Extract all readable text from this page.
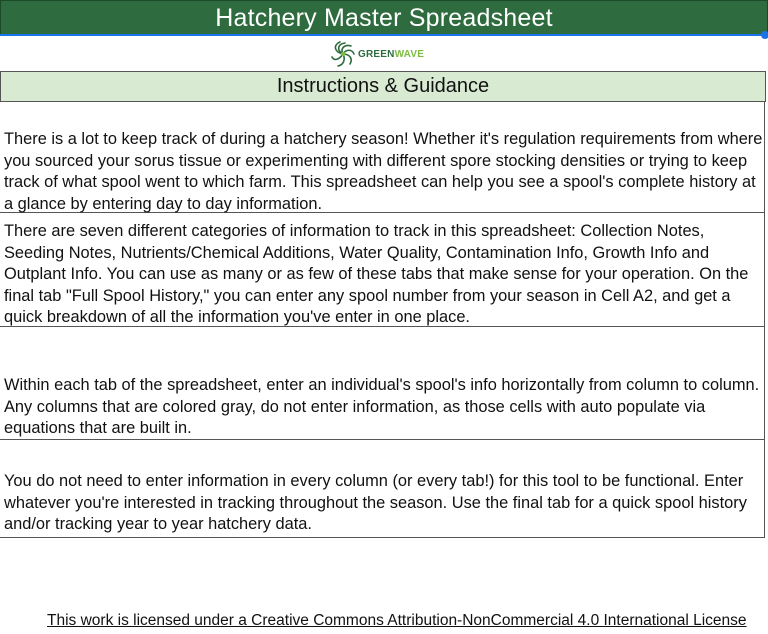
Hatchery Master Spreadsheet
GREENWAVE
Instructions & Guidance

There is a lot to keep track of during a hatchery season! Whether it's regulation requirements from where you sourced your sorus tissue or experimenting with different spore stocking densities or trying to keep track of what spool went to which farm. This spreadsheet can help you see a spool's complete history at a glance by entering day to day information.

There are seven different categories of information to track in this spreadsheet: Collection Notes, Seeding Notes, Nutrients/Chemical Additions, Water Quality, Contamination Info, Growth Info and Outplant Info. You can use as many or as few of these tabs that make sense for your operation. On the final tab "Full Spool History," you can enter any spool number from your season in Cell A2, and get a quick breakdown of all the information you've enter in one place.

Within each tab of the spreadsheet, enter an individual's spool's info horizontally from column to column. Any columns that are colored gray, do not enter information, as those cells with auto populate via equations that are built in.

You do not need to enter information in every column (or every tab!) for this tool to be functional. Enter whatever you're interested in tracking throughout the season. Use the final tab for a quick spool history and/or tracking year to year hatchery data.

This work is licensed under a Creative Commons Attribution-NonCommercial 4.0 International License
